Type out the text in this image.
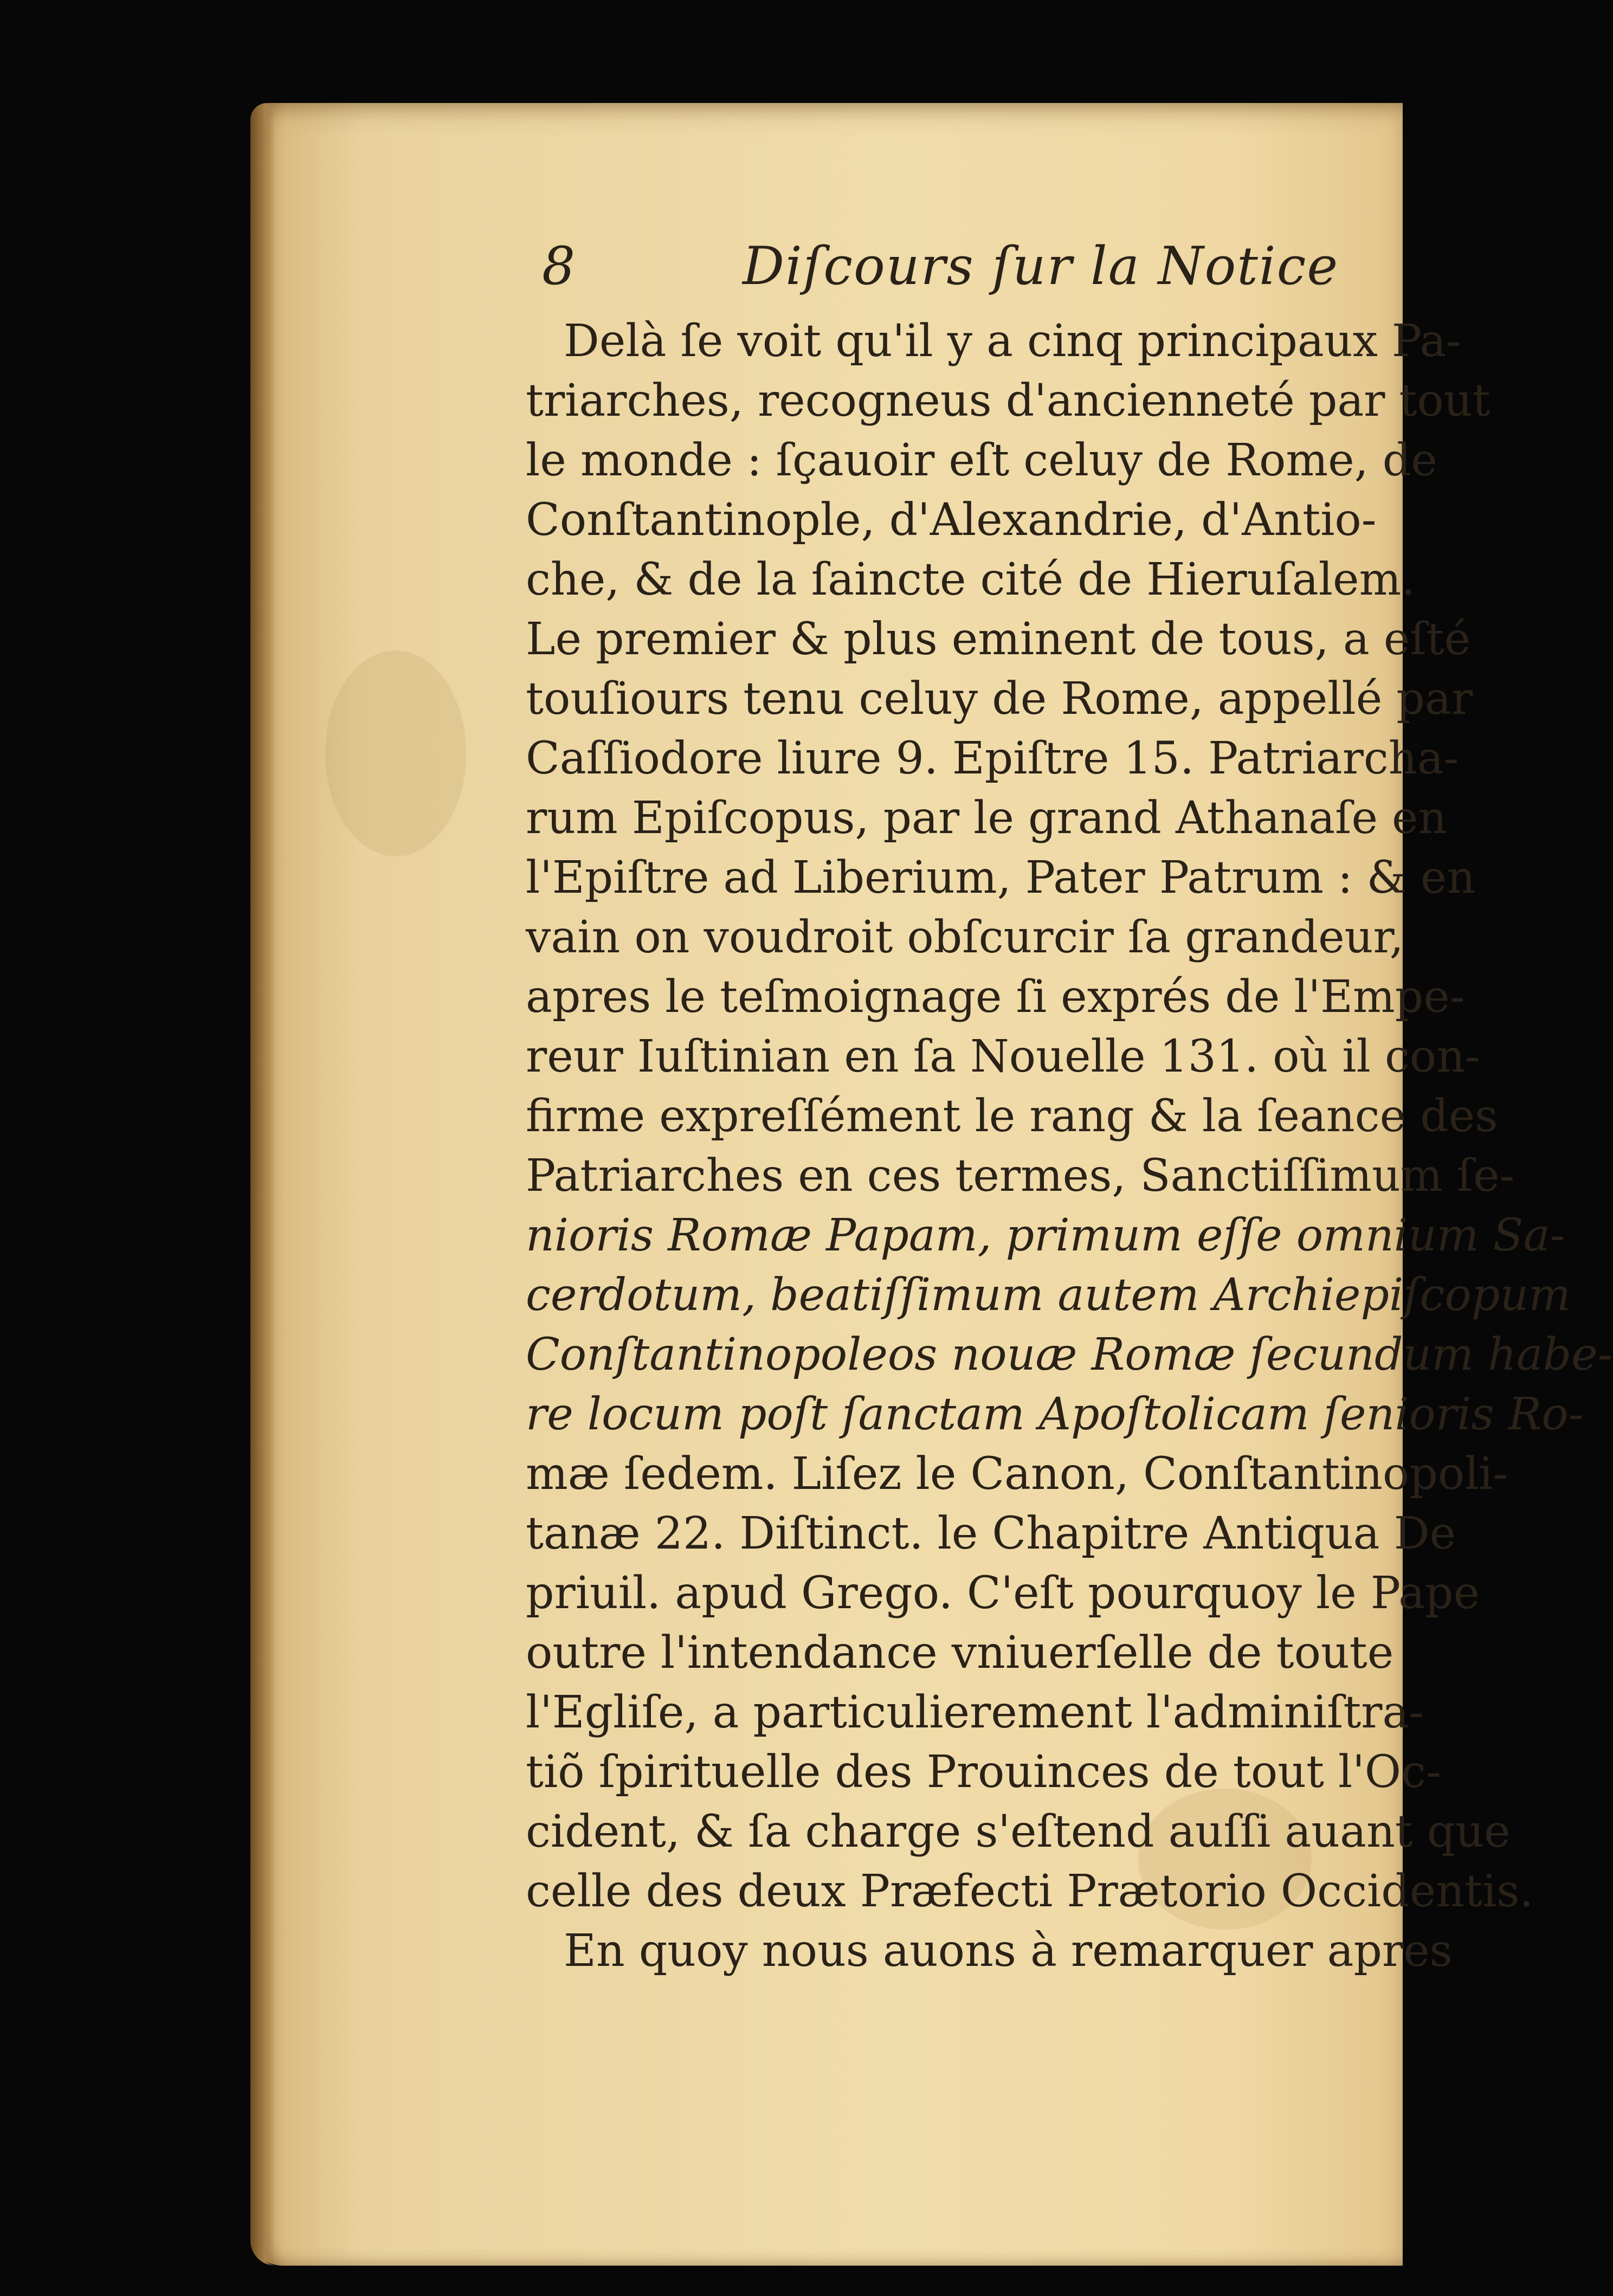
8	Diſcours ſur la Notice
Delà ſe voit qu'il y a cinq principaux Pa-
triarches, recogneus d'ancienneté par tout
le monde : ſçauoir eſt celuy de Rome, de
Conſtantinople, d'Alexandrie, d'Antio-
che, & de la ſaincte cité de Hieruſalem.
Le premier & plus eminent de tous, a eſté
touſiours tenu celuy de Rome, appellé par
Caſſiodore liure 9. Epiſtre 15. Patriarcha-
rum Epiſcopus, par le grand Athanaſe en
l'Epiſtre ad Liberium, Pater Patrum : & en
vain on voudroit obſcurcir ſa grandeur,
apres le teſmoignage ſi exprés de l'Empe-
reur Iuſtinian en ſa Nouelle 131. où il con-
firme expreſſément le rang & la ſeance des
Patriarches en ces termes, Sanctiſſimum ſe-
nioris Romæ Papam, primum eſſe omnium Sa-
cerdotum, beatiſſimum autem Archiepiſcopum
Conſtantinopoleos nouæ Romæ ſecundum habe-
re locum poſt ſanctam Apoſtolicam ſenioris Ro-
mæ ſedem. Liſez le Canon, Conſtantinopoli-
tanæ 22. Diſtinct. le Chapitre Antiqua De
priuil. apud Grego. C'eſt pourquoy le Pape
outre l'intendance vniuerſelle de toute
l'Egliſe, a particulierement l'adminiſtra-
tiõ ſpirituelle des Prouinces de tout l'Oc-
cident, & ſa charge s'eſtend auſſi auant que
celle des deux Præfecti Prætorio Occidentis.
En quoy nous auons à remarquer apres
